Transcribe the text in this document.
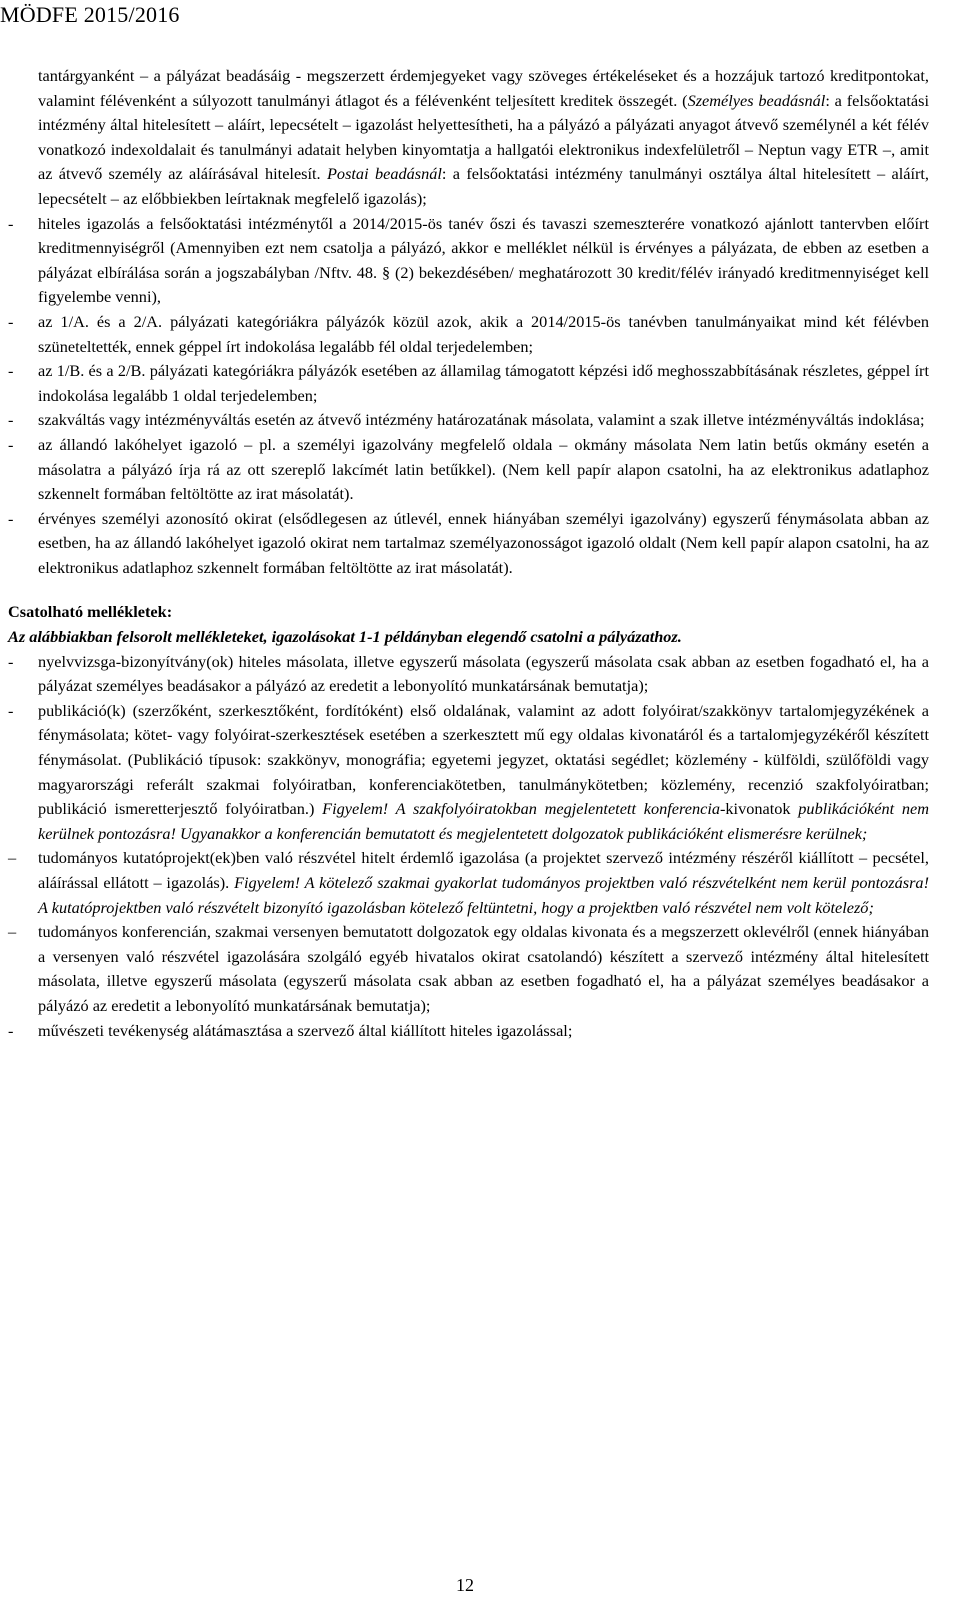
MÖDFE 2015/2016
tantárgyanként – a pályázat beadásáig - megszerzett érdemjegyeket vagy szöveges értékeléseket és a hozzájuk tartozó kreditpontokat, valamint félévenként a súlyozott tanulmányi átlagot és a félévenként teljesített kreditek összegét. (Személyes beadásnál: a felsőoktatási intézmény által hitelesített – aláírt, lepecsételt – igazolást helyettesítheti, ha a pályázó a pályázati anyagot átvevő személynél a két félév vonatkozó indexoldalait és tanulmányi adatait helyben kinyomtatja a hallgatói elektronikus indexfelületről – Neptun vagy ETR –, amit az átvevő személy az aláírásával hitelesít. Postai beadásnál: a felsőoktatási intézmény tanulmányi osztálya által hitelesített – aláírt, lepecsételt – az előbbiekben leírtaknak megfelelő igazolás);
- hiteles igazolás a felsőoktatási intézménytől a 2014/2015-ös tanév őszi és tavaszi szemeszterére vonatkozó ajánlott tantervben előírt kreditmennyiségről (Amennyiben ezt nem csatolja a pályázó, akkor e melléklet nélkül is érvényes a pályázata, de ebben az esetben a pályázat elbírálása során a jogszabályban /Nftv. 48. § (2) bekezdésében/ meghatározott 30 kredit/félév irányadó kreditmennyiséget kell figyelembe venni),
- az 1/A. és a 2/A. pályázati kategóriákra pályázók közül azok, akik a 2014/2015-ös tanévben tanulmányaikat mind két félévben szüneteltették, ennek géppel írt indokolása legalább fél oldal terjedelemben;
- az 1/B. és a 2/B. pályázati kategóriákra pályázók esetében az államilag támogatott képzési idő meghosszabbításának részletes, géppel írt indokolása legalább 1 oldal terjedelemben;
- szakváltás vagy intézményváltás esetén az átvevő intézmény határozatának másolata, valamint a szak illetve intézményváltás indoklása;
- az állandó lakóhelyet igazoló – pl. a személyi igazolvány megfelelő oldala – okmány másolata Nem latin betűs okmány esetén a másolatra a pályázó írja rá az ott szereplő lakcímét latin betűkkel). (Nem kell papír alapon csatolni, ha az elektronikus adatlaphoz szkennelt formában feltöltötte az irat másolatát).
- érvényes személyi azonosító okirat (elsődlegesen az útlevél, ennek hiányában személyi igazolvány) egyszerű fénymásolata abban az esetben, ha az állandó lakóhelyet igazoló okirat nem tartalmaz személyazonosságot igazoló oldalt (Nem kell papír alapon csatolni, ha az elektronikus adatlaphoz szkennelt formában feltöltötte az irat másolatát).
Csatolható mellékletek:
Az alábbiakban felsorolt mellékleteket, igazolásokat 1-1 példányban elegendő csatolni a pályázathoz.
- nyelvvizsga-bizonyítvány(ok) hiteles másolata, illetve egyszerű másolata (egyszerű másolata csak abban az esetben fogadható el, ha a pályázat személyes beadásakor a pályázó az eredetit a lebonyolító munkatársának bemutatja);
- publikáció(k) (szerzőként, szerkesztőként, fordítóként) első oldalának, valamint az adott folyóirat/szakkönyv tartalomjegyzékének a fénymásolata; kötet- vagy folyóirat-szerkesztések esetében a szerkesztett mű egy oldalas kivonatáról és a tartalomjegyzékéről készített fénymásolat. (Publikáció típusok: szakkönyv, monográfia; egyetemi jegyzet, oktatási segédlet; közlemény - külföldi, szülőföldi vagy magyarországi referált szakmai folyóiratban, konferenciakötetben, tanulmánykötetben; közlemény, recenzió szakfolyóiratban; publikáció ismeretterjesztő folyóiratban.) Figyelem! A szakfolyóiratokban megjelentetett konferencia-kivonatok publikációként nem kerülnek pontozásra! Ugyanakkor a konferencián bemutatott és megjelentetett dolgozatok publikációként elismerésre kerülnek;
– tudományos kutatóprojekt(ek)ben való részvétel hitelt érdemlő igazolása (a projektet szervező intézmény részéről kiállított – pecsétel, aláírással ellátott – igazolás). Figyelem! A kötelező szakmai gyakorlat tudományos projektben való részvételként nem kerül pontozásra! A kutatóprojektben való részvételt bizonyító igazolásban kötelező feltüntetni, hogy a projektben való részvétel nem volt kötelező;
– tudományos konferencián, szakmai versenyen bemutatott dolgozatok egy oldalas kivonata és a megszerzett oklevélről (ennek hiányában a versenyen való részvétel igazolására szolgáló egyéb hivatalos okirat csatolandó) készített a szervező intézmény által hitelesített másolata, illetve egyszerű másolata (egyszerű másolata csak abban az esetben fogadható el, ha a pályázat személyes beadásakor a pályázó az eredetit a lebonyolító munkatársának bemutatja);
- művészeti tevékenység alátámasztása a szervező által kiállított hiteles igazolással;
12
